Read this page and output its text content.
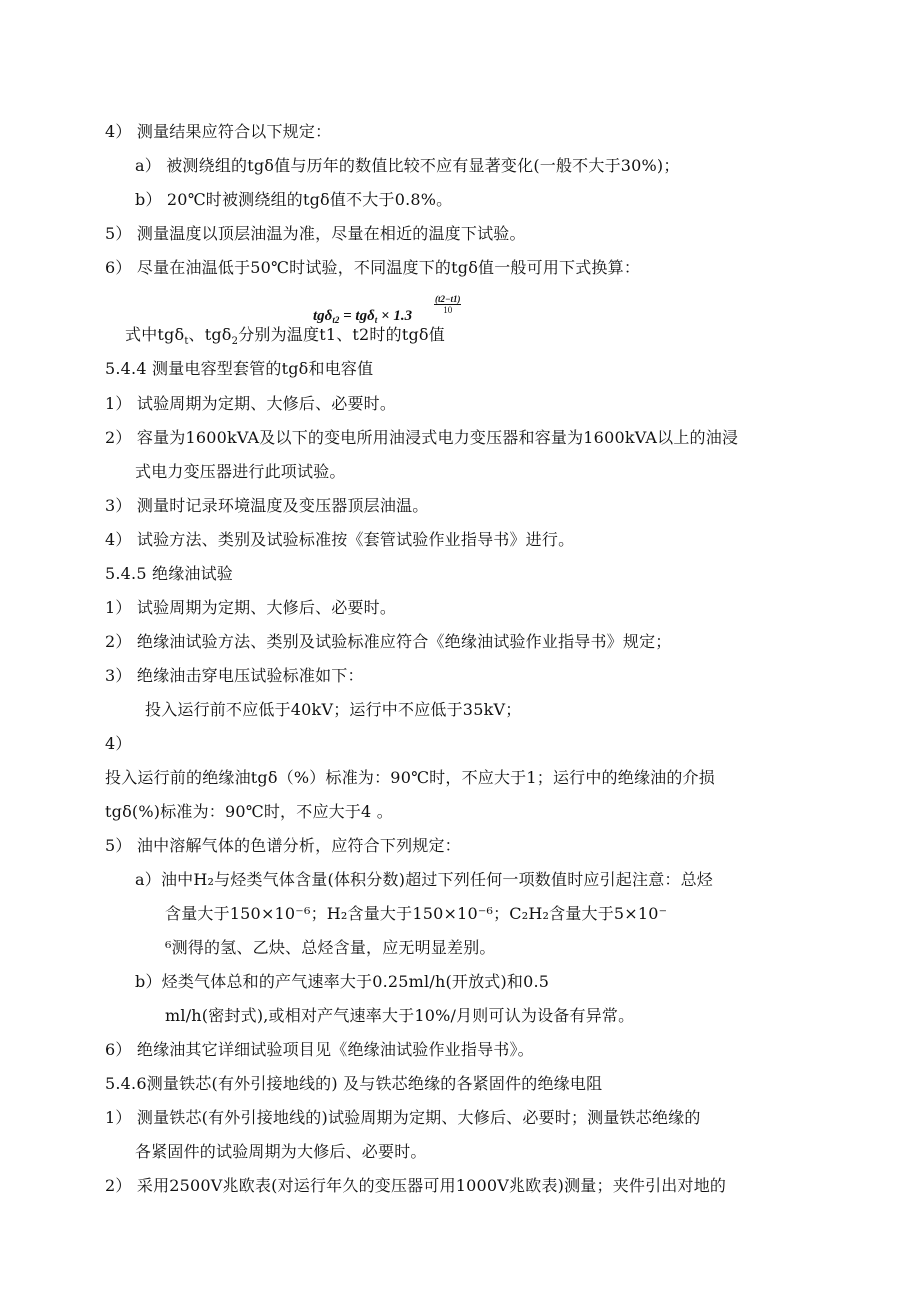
4） 测量结果应符合以下规定：
a） 被测绕组的tgδ值与历年的数值比较不应有显著变化(一般不大于30%)；
b） 20℃时被测绕组的tgδ值不大于0.8%。
5） 测量温度以顶层油温为准，尽量在相近的温度下试验。
6） 尽量在油温低于50℃时试验，不同温度下的tgδ值一般可用下式换算：
tgδ$_{t2}$ = tgδ$_t$ × 1.3
$\frac{(t2-t1)}{10}$
式中tgδ$_t$、tgδ$_2$分别为温度t1、t2时的tgδ值
5.4.4 测量电容型套管的tgδ和电容值
1） 试验周期为定期、大修后、必要时。
2） 容量为1600kVA及以下的变电所用油浸式电力变压器和容量为1600kVA以上的油浸
式电力变压器进行此项试验。
3） 测量时记录环境温度及变压器顶层油温。
4） 试验方法、类别及试验标准按《套管试验作业指导书》进行。
5.4.5 绝缘油试验
1） 试验周期为定期、大修后、必要时。
2） 绝缘油试验方法、类别及试验标准应符合《绝缘油试验作业指导书》规定；
3） 绝缘油击穿电压试验标准如下：
投入运行前不应低于40kV；运行中不应低于35kV；
4）
投入运行前的绝缘油tgδ（%）标准为：90℃时，不应大于1；运行中的绝缘油的介损
tgδ(%)标准为：90℃时，不应大于4 。
5） 油中溶解气体的色谱分析，应符合下列规定：
a）油中H₂与烃类气体含量(体积分数)超过下列任何一项数值时应引起注意：总烃
含量大于150×10⁻⁶；H₂含量大于150×10⁻⁶；C₂H₂含量大于5×10⁻
⁶测得的氢、乙炔、总烃含量，应无明显差别。
b）烃类气体总和的产气速率大于0.25ml/h(开放式)和0.5
ml/h(密封式),或相对产气速率大于10%/月则可认为设备有异常。
6） 绝缘油其它详细试验项目见《绝缘油试验作业指导书》。
5.4.6测量铁芯(有外引接地线的) 及与铁芯绝缘的各紧固件的绝缘电阻
1） 测量铁芯(有外引接地线的)试验周期为定期、大修后、必要时；测量铁芯绝缘的
各紧固件的试验周期为大修后、必要时。
2） 采用2500V兆欧表(对运行年久的变压器可用1000V兆欧表)测量；夹件引出对地的
